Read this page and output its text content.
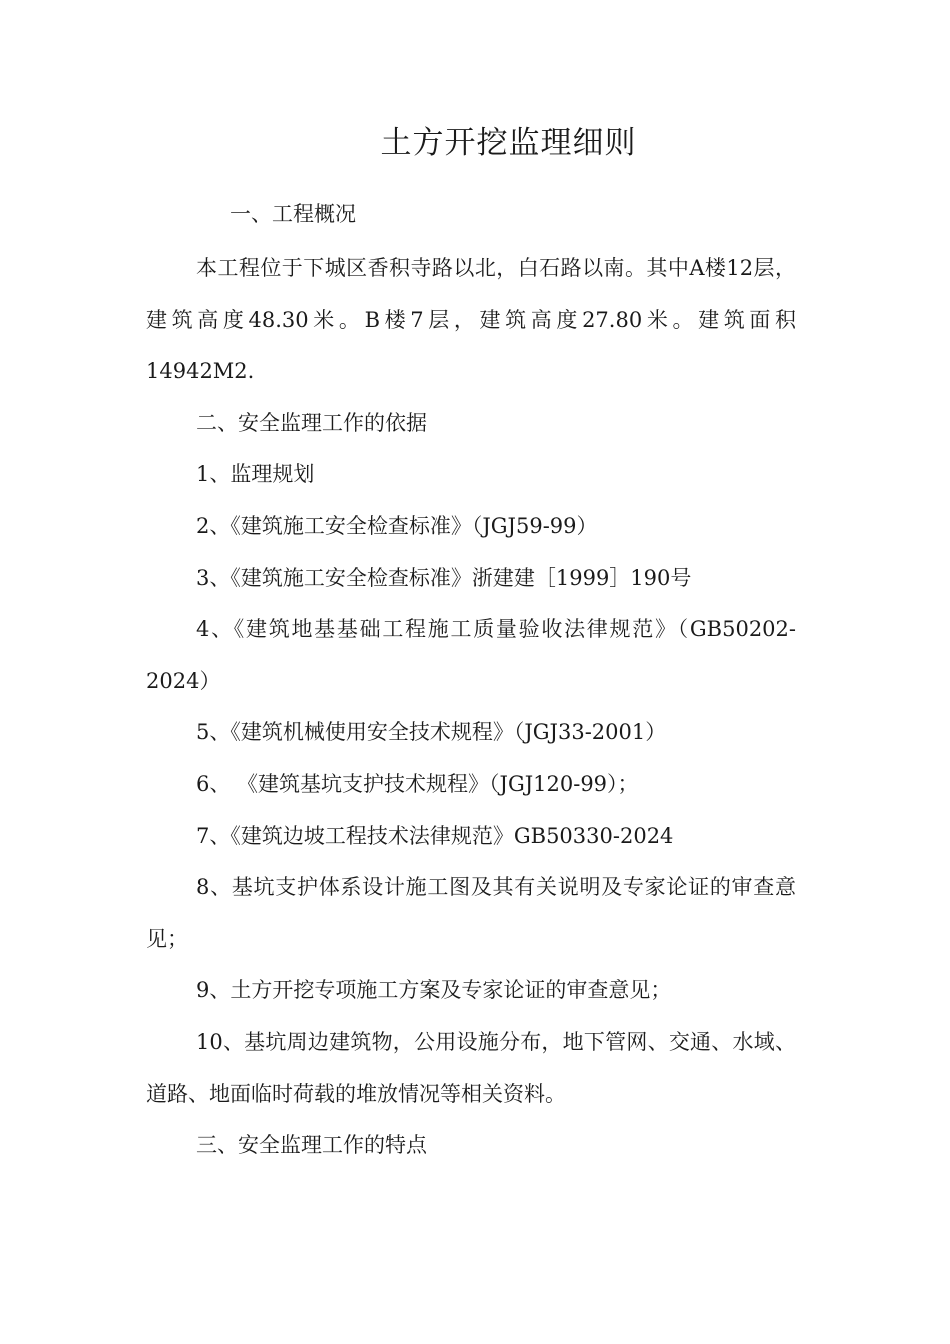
土方开挖监理细则
一、工程概况

本工程位于下城区香积寺路以北，白石路以南。其中A楼12层，建筑高度48.30米。B楼7层，建筑高度27.80米。建筑面积14942M2.

二、安全监理工作的依据

1、监理规划

2、《建筑施工安全检查标准》（JGJ59-99）

3、《建筑施工安全检查标准》浙建建［1999］190号

4、《建筑地基基础工程施工质量验收法律规范》（GB50202-2024）

5、《建筑机械使用安全技术规程》（JGJ33-2001）

6、 《建筑基坑支护技术规程》（JGJ120-99）；

7、《建筑边坡工程技术法律规范》GB50330-2024

8、基坑支护体系设计施工图及其有关说明及专家论证的审查意见；

9、土方开挖专项施工方案及专家论证的审查意见；

10、基坑周边建筑物，公用设施分布，地下管网、交通、水域、道路、地面临时荷载的堆放情况等相关资料。

三、安全监理工作的特点
